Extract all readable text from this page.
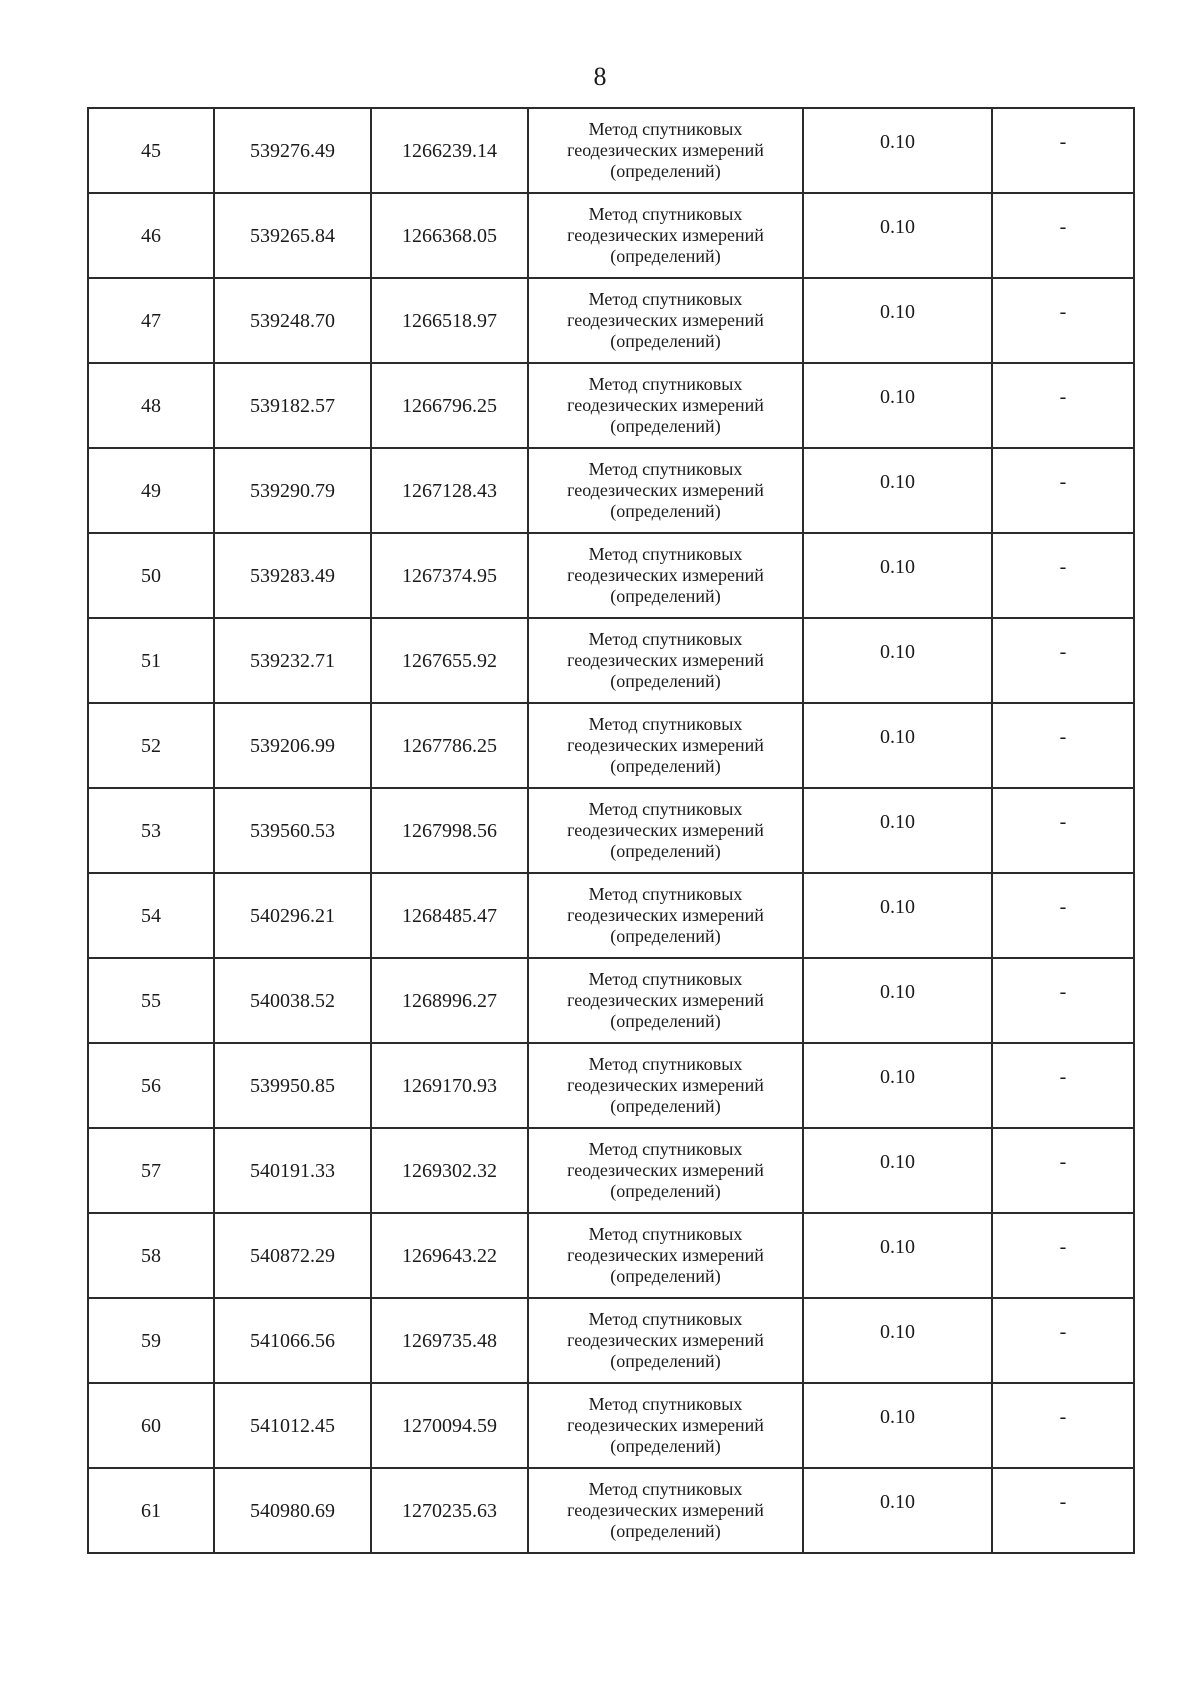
8
45	539276.49	1266239.14	Метод спутниковых
геодезических измерений
(определений)	0.10	-
46	539265.84	1266368.05	Метод спутниковых
геодезических измерений
(определений)	0.10	-
47	539248.70	1266518.97	Метод спутниковых
геодезических измерений
(определений)	0.10	-
48	539182.57	1266796.25	Метод спутниковых
геодезических измерений
(определений)	0.10	-
49	539290.79	1267128.43	Метод спутниковых
геодезических измерений
(определений)	0.10	-
50	539283.49	1267374.95	Метод спутниковых
геодезических измерений
(определений)	0.10	-
51	539232.71	1267655.92	Метод спутниковых
геодезических измерений
(определений)	0.10	-
52	539206.99	1267786.25	Метод спутниковых
геодезических измерений
(определений)	0.10	-
53	539560.53	1267998.56	Метод спутниковых
геодезических измерений
(определений)	0.10	-
54	540296.21	1268485.47	Метод спутниковых
геодезических измерений
(определений)	0.10	-
55	540038.52	1268996.27	Метод спутниковых
геодезических измерений
(определений)	0.10	-
56	539950.85	1269170.93	Метод спутниковых
геодезических измерений
(определений)	0.10	-
57	540191.33	1269302.32	Метод спутниковых
геодезических измерений
(определений)	0.10	-
58	540872.29	1269643.22	Метод спутниковых
геодезических измерений
(определений)	0.10	-
59	541066.56	1269735.48	Метод спутниковых
геодезических измерений
(определений)	0.10	-
60	541012.45	1270094.59	Метод спутниковых
геодезических измерений
(определений)	0.10	-
61	540980.69	1270235.63	Метод спутниковых
геодезических измерений
(определений)	0.10	-
